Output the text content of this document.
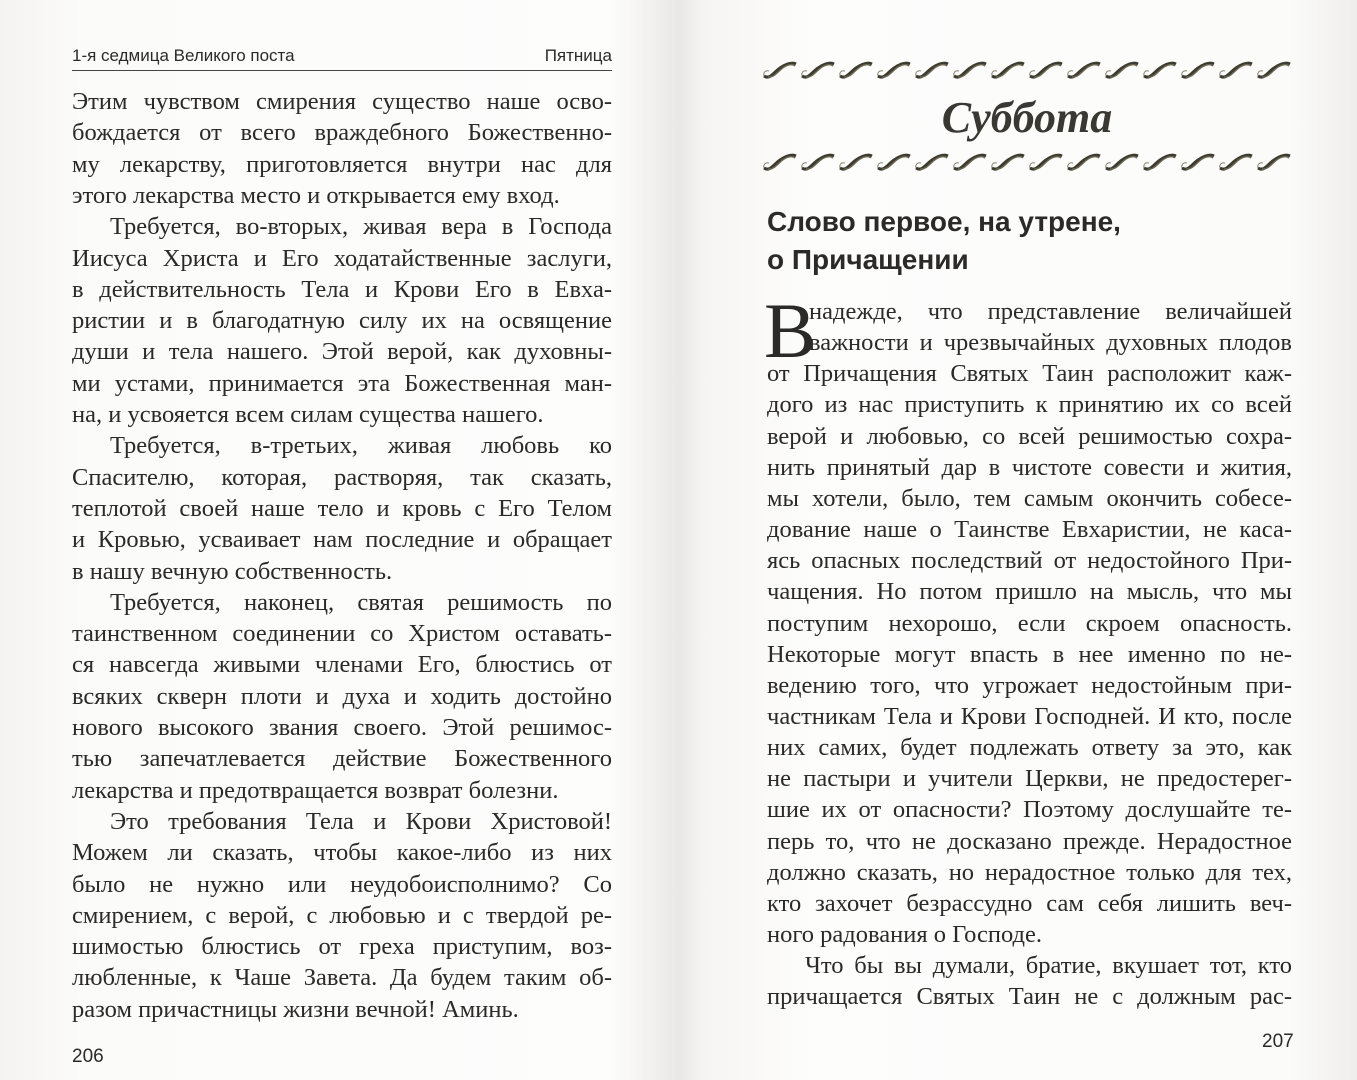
1-я седмица Великого поста	Пятница
Этим чувством смирения существо наше осво-
бождается от всего враждебного Божественно-
му лекарству, приготовляется внутри нас для
этого лекарства место и открывается ему вход.
Требуется, во-вторых, живая вера в Господа
Иисуса Христа и Его ходатайственные заслуги,
в действительность Тела и Крови Его в Евха-
ристии и в благодатную силу их на освящение
души и тела нашего. Этой верой, как духовны-
ми устами, принимается эта Божественная ман-
на, и усвояется всем силам существа нашего.
Требуется, в-третьих, живая любовь ко
Спасителю, которая, растворяя, так сказать,
теплотой своей наше тело и кровь с Его Телом
и Кровью, усваивает нам последние и обращает
в нашу вечную собственность.
Требуется, наконец, святая решимость по
таинственном соединении со Христом оставать-
ся навсегда живыми членами Его, блюстись от
всяких скверн плоти и духа и ходить достойно
нового высокого звания своего. Этой решимос-
тью запечатлевается действие Божественного
лекарства и предотвращается возврат болезни.
Это требования Тела и Крови Христовой!
Можем ли сказать, чтобы какое-либо из них
было не нужно или неудобоисполнимо? Со
смирением, с верой, с любовью и с твердой ре-
шимостью блюстись от греха приступим, воз-
любленные, к Чаше Завета. Да будем таким об-
разом причастницы жизни вечной! Аминь.
206
Суббота
Слово первое, на утрене,
о Причащении
В
надежде, что представление величайшей
важности и чрезвычайных духовных плодов
от Причащения Святых Таин расположит каж-
дого из нас приступить к принятию их со всей
верой и любовью, со всей решимостью сохра-
нить принятый дар в чистоте совести и жития,
мы хотели, было, тем самым окончить собесе-
дование наше о Таинстве Евхаристии, не каса-
ясь опасных последствий от недостойного При-
чащения. Но потом пришло на мысль, что мы
поступим нехорошо, если скроем опасность.
Некоторые могут впасть в нее именно по не-
ведению того, что угрожает недостойным при-
частникам Тела и Крови Господней. И кто, после
них самих, будет подлежать ответу за это, как
не пастыри и учители Церкви, не предостерег-
шие их от опасности? Поэтому дослушайте те-
перь то, что не досказано прежде. Нерадостное
должно сказать, но нерадостное только для тех,
кто захочет безрассудно сам себя лишить веч-
ного радования о Господе.
Что бы вы думали, братие, вкушает тот, кто
причащается Святых Таин не с должным рас-
207
